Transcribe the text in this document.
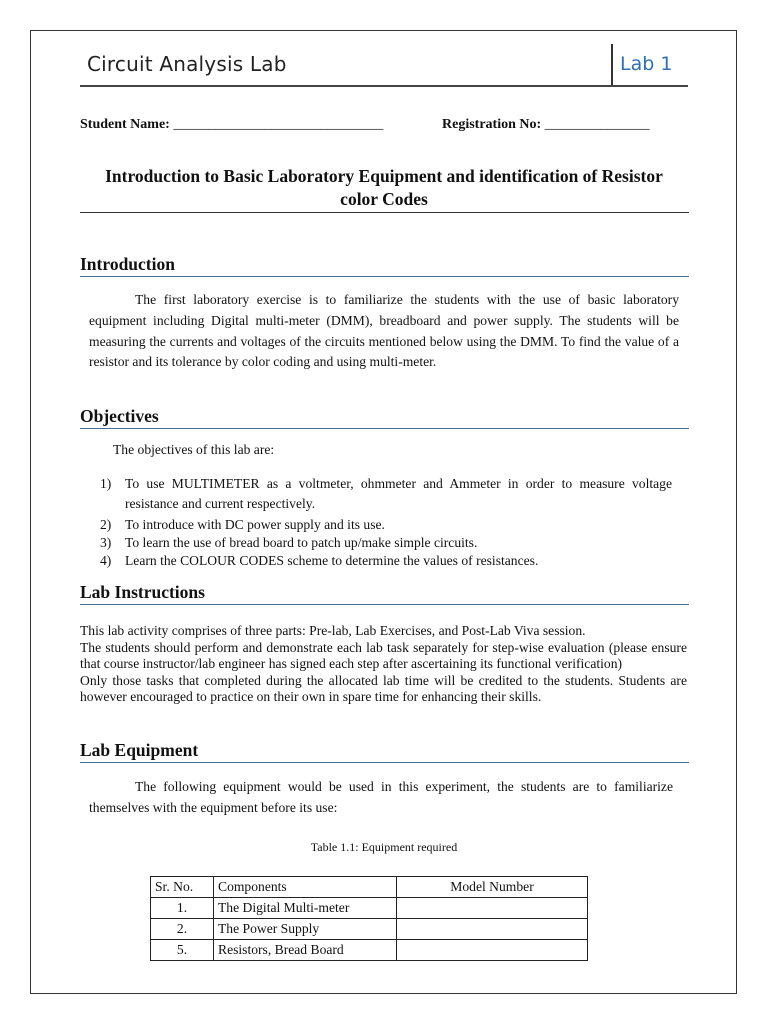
Circuit Analysis Lab	Lab 1
Student Name: ______________________________	Registration No: _______________
Introduction to Basic Laboratory Equipment and identification of Resistor
color Codes
Introduction
The first laboratory exercise is to familiarize the students with the use of basic laboratory equipment including Digital multi-meter (DMM), breadboard and power supply. The students will be measuring the currents and voltages of the circuits mentioned below using the DMM. To find the value of a resistor and its tolerance by color coding and using multi-meter.
Objectives
The objectives of this lab are:
1) To use MULTIMETER as a voltmeter, ohmmeter and Ammeter in order to measure voltage resistance and current respectively.
2) To introduce with DC power supply and its use.
3) To learn the use of bread board to patch up/make simple circuits.
4) Learn the COLOUR CODES scheme to determine the values of resistances.
Lab Instructions
This lab activity comprises of three parts: Pre-lab, Lab Exercises, and Post-Lab Viva session.
The students should perform and demonstrate each lab task separately for step-wise evaluation (please ensure that course instructor/lab engineer has signed each step after ascertaining its functional verification)
Only those tasks that completed during the allocated lab time will be credited to the students. Students are however encouraged to practice on their own in spare time for enhancing their skills.
Lab Equipment
The following equipment would be used in this experiment, the students are to familiarize themselves with the equipment before its use:
Table 1.1: Equipment required
Sr. No.	Components	Model Number
1.	The Digital Multi-meter	
2.	The Power Supply	
5.	Resistors, Bread Board	
